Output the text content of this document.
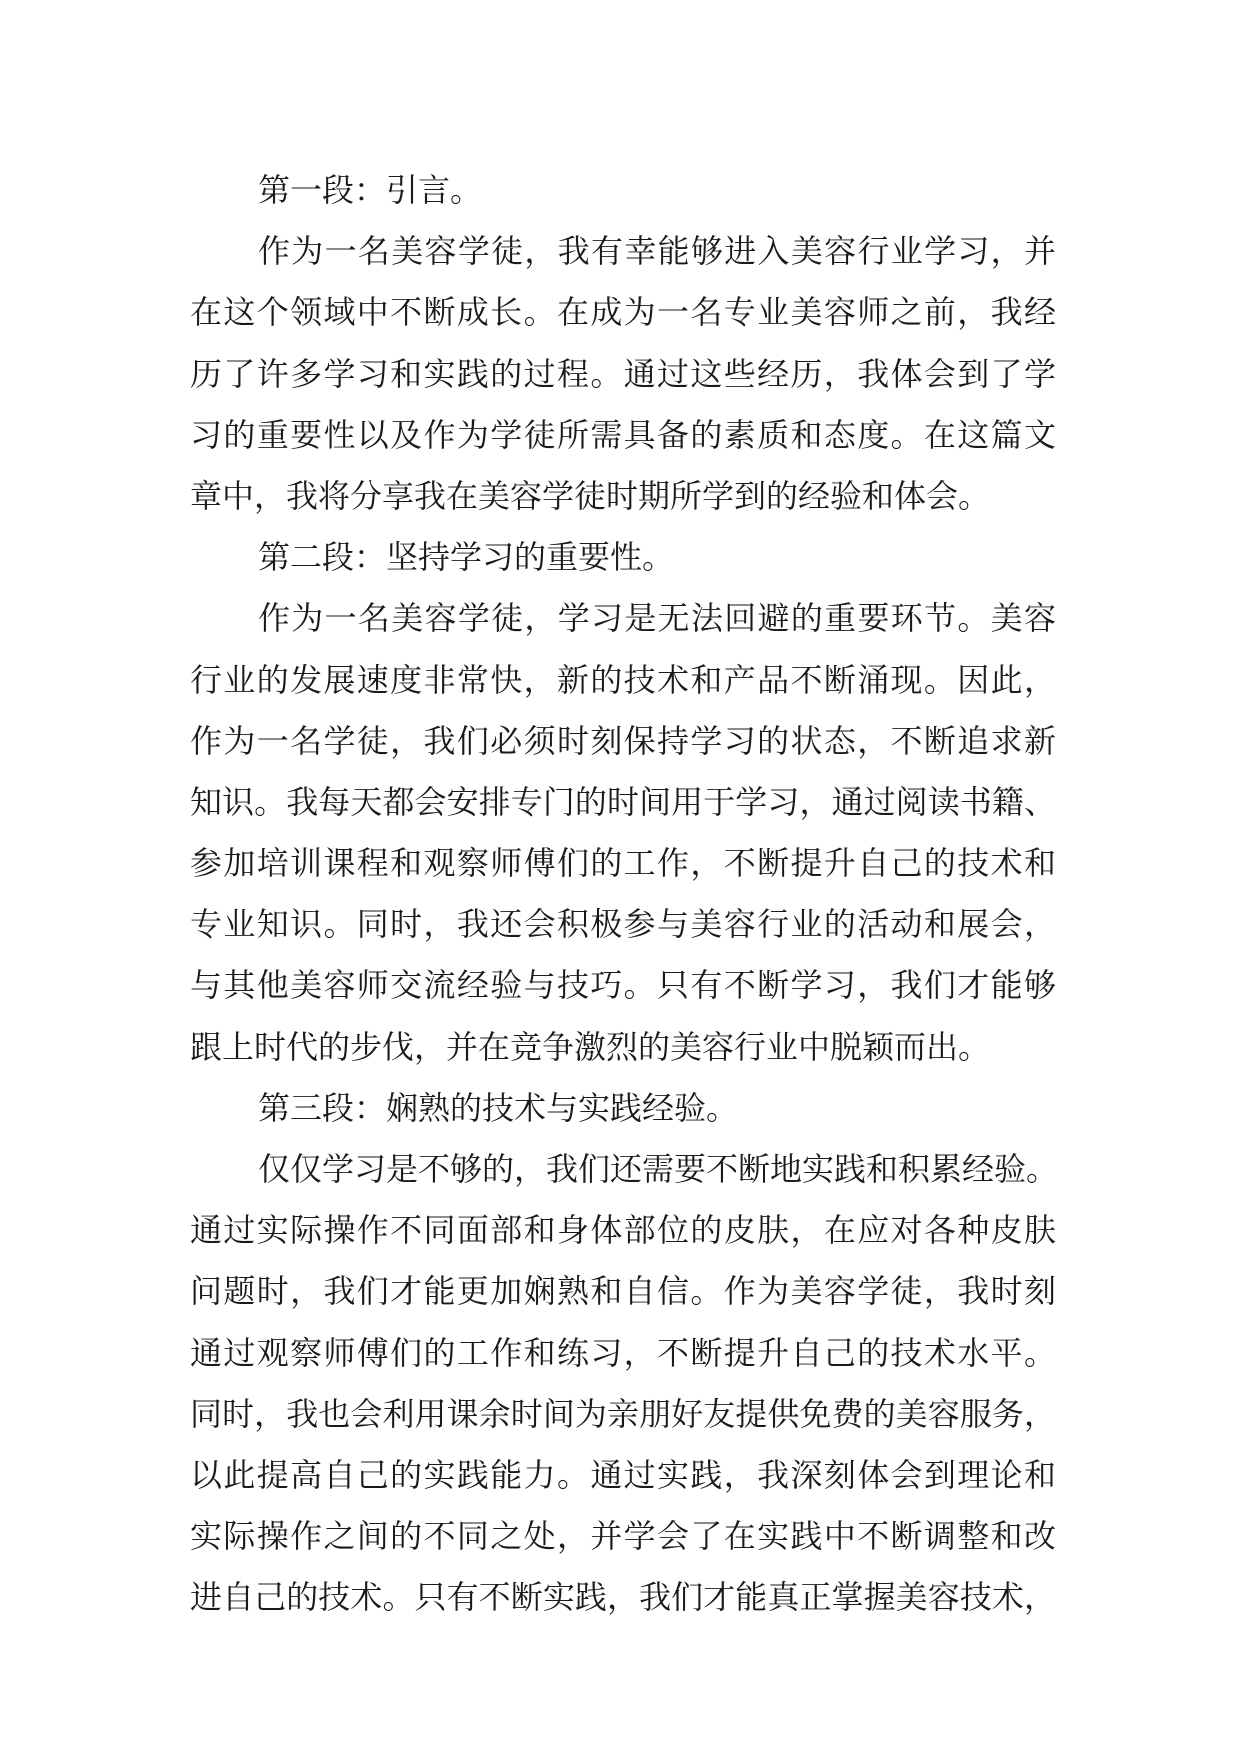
第一段：引言。
作为一名美容学徒，我有幸能够进入美容行业学习，并
在这个领域中不断成长。在成为一名专业美容师之前，我经
历了许多学习和实践的过程。通过这些经历，我体会到了学
习的重要性以及作为学徒所需具备的素质和态度。在这篇文
章中，我将分享我在美容学徒时期所学到的经验和体会。
第二段：坚持学习的重要性。
作为一名美容学徒，学习是无法回避的重要环节。美容
行业的发展速度非常快，新的技术和产品不断涌现。因此，
作为一名学徒，我们必须时刻保持学习的状态，不断追求新
知识。我每天都会安排专门的时间用于学习，通过阅读书籍、
参加培训课程和观察师傅们的工作，不断提升自己的技术和
专业知识。同时，我还会积极参与美容行业的活动和展会，
与其他美容师交流经验与技巧。只有不断学习，我们才能够
跟上时代的步伐，并在竞争激烈的美容行业中脱颖而出。
第三段：娴熟的技术与实践经验。
仅仅学习是不够的，我们还需要不断地实践和积累经验。
通过实际操作不同面部和身体部位的皮肤，在应对各种皮肤
问题时，我们才能更加娴熟和自信。作为美容学徒，我时刻
通过观察师傅们的工作和练习，不断提升自己的技术水平。
同时，我也会利用课余时间为亲朋好友提供免费的美容服务，
以此提高自己的实践能力。通过实践，我深刻体会到理论和
实际操作之间的不同之处，并学会了在实践中不断调整和改
进自己的技术。只有不断实践，我们才能真正掌握美容技术，
